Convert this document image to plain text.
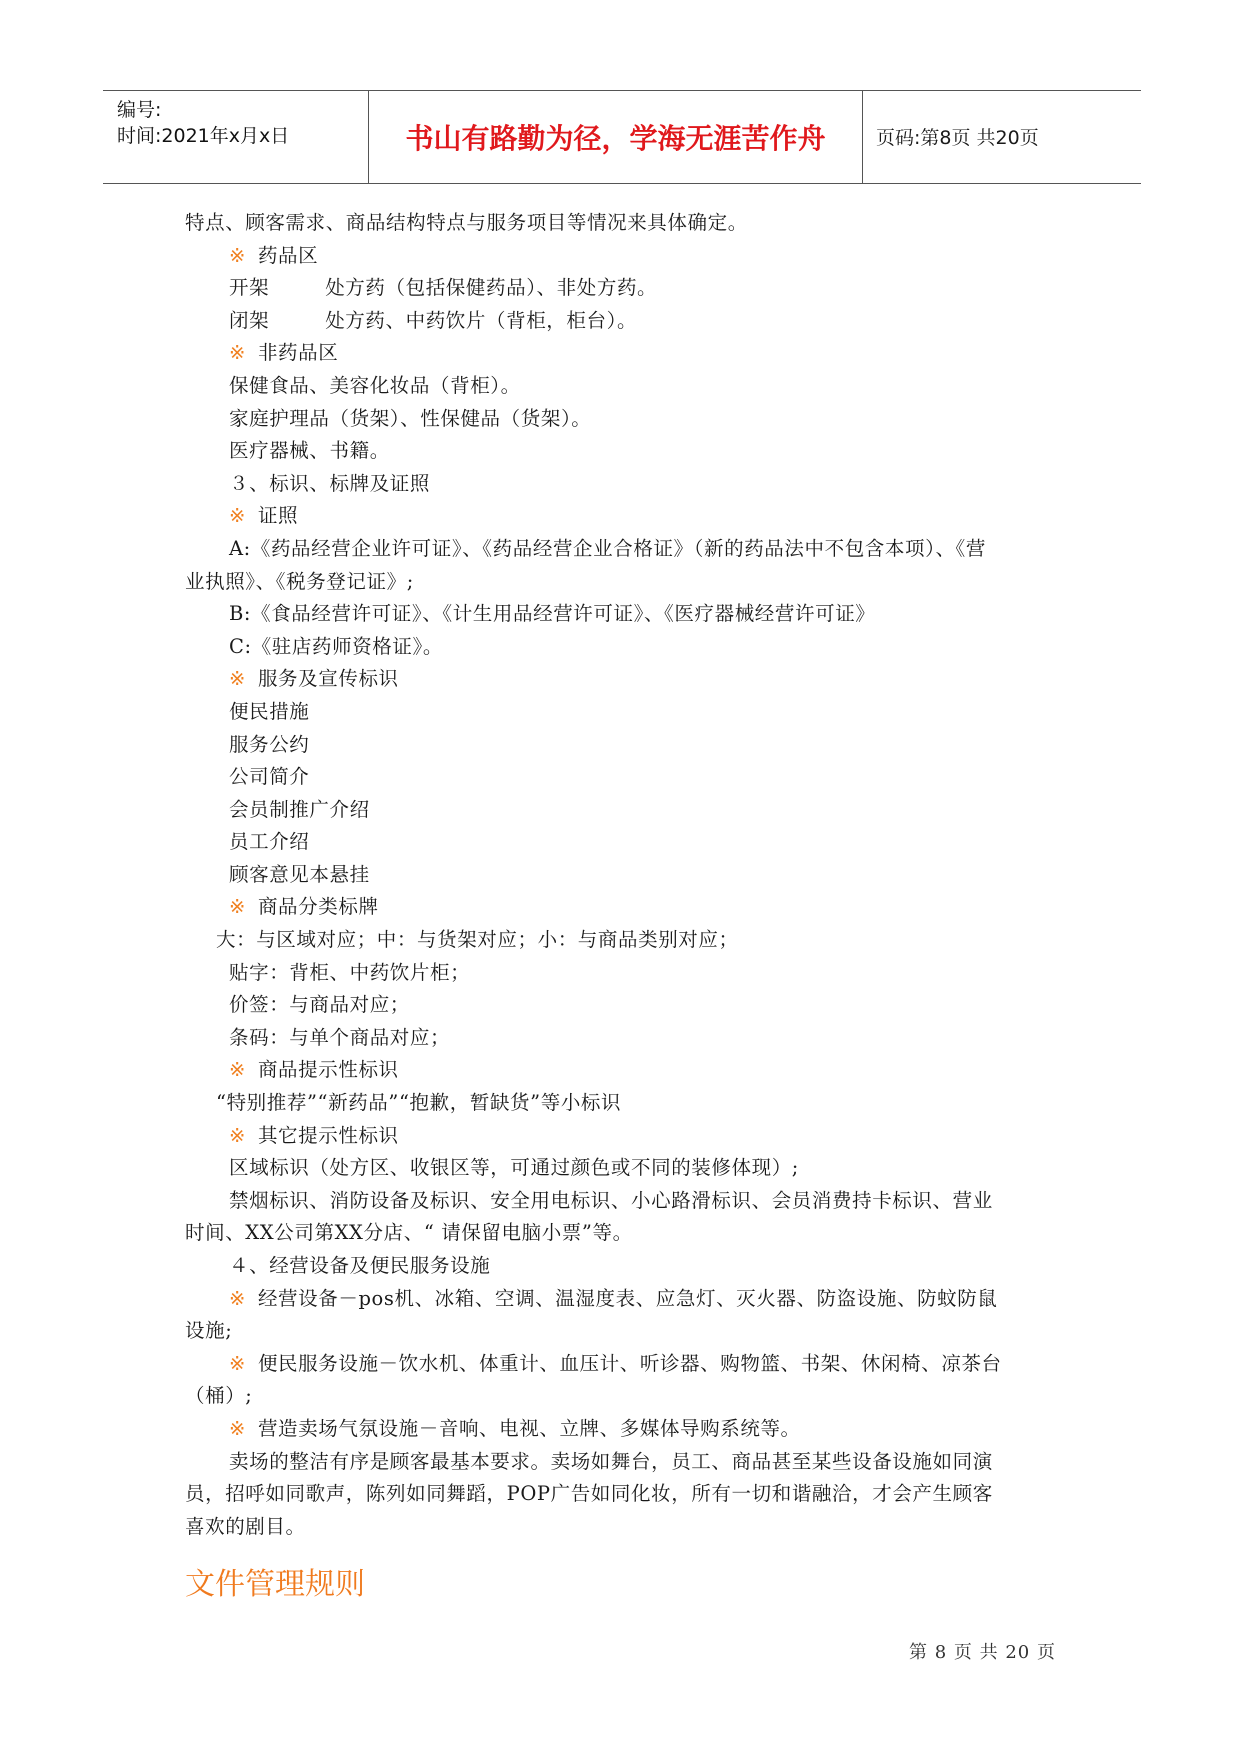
编号:
时间:2021年x月x日	书山有路勤为径，学海无涯苦作舟	页码:第8页 共20页
特点、顾客需求、商品结构特点与服务项目等情况来具体确定。
※ 药品区
开架	处方药（包括保健药品）、非处方药。
闭架	处方药、中药饮片（背柜，柜台）。
※ 非药品区
保健食品、美容化妆品（背柜）。
家庭护理品（货架）、性保健品（货架）。
医疗器械、书籍。
３、标识、标牌及证照
※ 证照
A:《药品经营企业许可证》、《药品经营企业合格证》（新的药品法中不包含本项）、《营
业执照》、《税务登记证》;
B:《食品经营许可证》、《计生用品经营许可证》、《医疗器械经营许可证》
C:《驻店药师资格证》。
※ 服务及宣传标识
便民措施
服务公约
公司简介
会员制推广介绍
员工介绍
顾客意见本悬挂
※ 商品分类标牌
大：与区域对应；中：与货架对应；小：与商品类别对应；
贴字：背柜、中药饮片柜；
价签：与商品对应；
条码：与单个商品对应；
※ 商品提示性标识
“特别推荐”“新药品”“抱歉，暂缺货”等小标识
※ 其它提示性标识
区域标识（处方区、收银区等，可通过颜色或不同的装修体现）;
禁烟标识、消防设备及标识、安全用电标识、小心路滑标识、会员消费持卡标识、营业
时间、XX公司第XX分店、“ 请保留电脑小票”等。
４、经营设备及便民服务设施
※ 经营设备－pos机、冰箱、空调、温湿度表、应急灯、灭火器、防盗设施、防蚊防鼠
设施;
※ 便民服务设施－饮水机、体重计、血压计、听诊器、购物篮、书架、休闲椅、凉茶台
（桶）;
※ 营造卖场气氛设施－音响、电视、立牌、多媒体导购系统等。
卖场的整洁有序是顾客最基本要求。卖场如舞台，员工、商品甚至某些设备设施如同演
员，招呼如同歌声，陈列如同舞蹈，POP广告如同化妆，所有一切和谐融洽，才会产生顾客
喜欢的剧目。
文件管理规则
第 8 页 共 20 页
